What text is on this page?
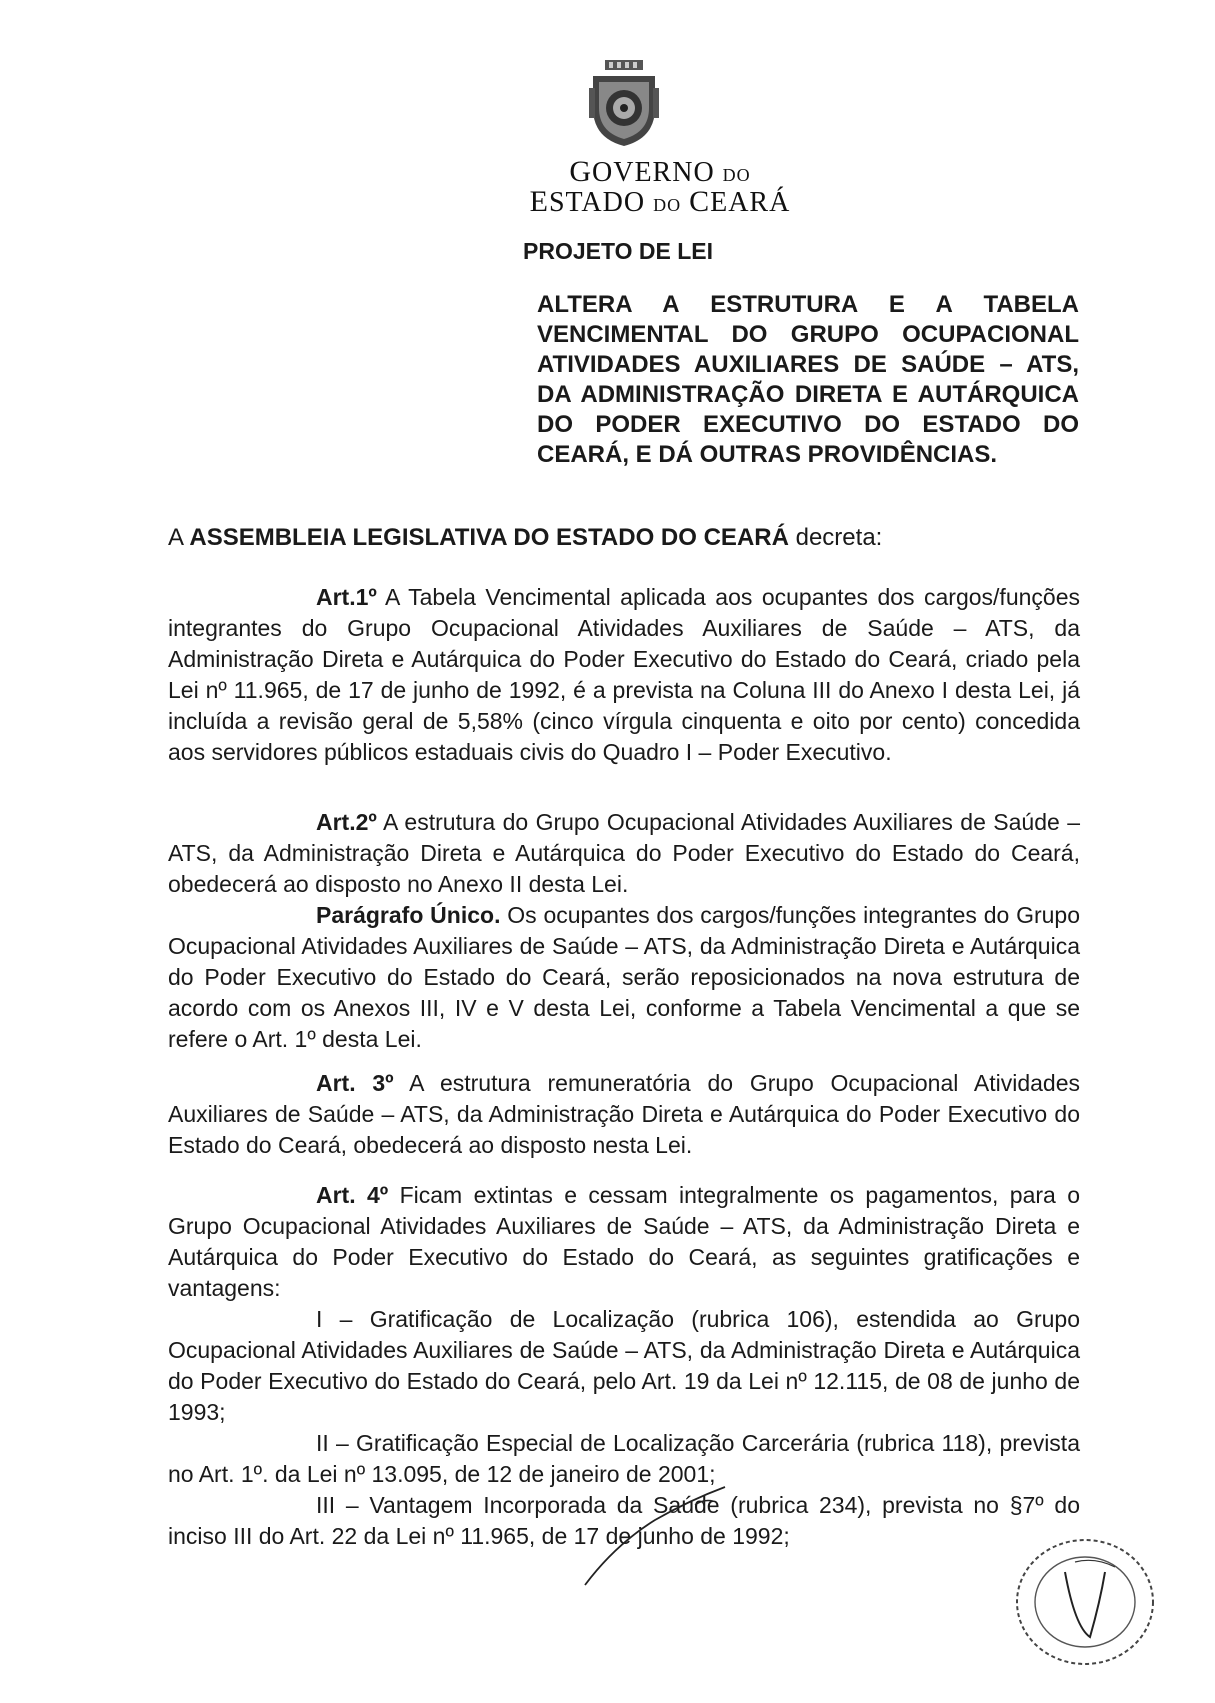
GOVERNO DO
ESTADO DO CEARÁ
PROJETO DE LEI
ALTERA A ESTRUTURA E A TABELA VENCIMENTAL DO GRUPO OCUPACIONAL ATIVIDADES AUXILIARES DE SAÚDE – ATS, DA ADMINISTRAÇÃO DIRETA E AUTÁRQUICA DO PODER EXECUTIVO DO ESTADO DO CEARÁ, E DÁ OUTRAS PROVIDÊNCIAS.
A ASSEMBLEIA LEGISLATIVA DO ESTADO DO CEARÁ decreta:

Art.1º A Tabela Vencimental aplicada aos ocupantes dos cargos/funções integrantes do Grupo Ocupacional Atividades Auxiliares de Saúde – ATS, da Administração Direta e Autárquica do Poder Executivo do Estado do Ceará, criado pela Lei nº 11.965, de 17 de junho de 1992, é a prevista na Coluna III do Anexo I desta Lei, já incluída a revisão geral de 5,58% (cinco vírgula cinquenta e oito por cento) concedida aos servidores públicos estaduais civis do Quadro I – Poder Executivo.

Art.2º A estrutura do Grupo Ocupacional Atividades Auxiliares de Saúde – ATS, da Administração Direta e Autárquica do Poder Executivo do Estado do Ceará, obedecerá ao disposto no Anexo II desta Lei.

Parágrafo Único. Os ocupantes dos cargos/funções integrantes do Grupo Ocupacional Atividades Auxiliares de Saúde – ATS, da Administração Direta e Autárquica do Poder Executivo do Estado do Ceará, serão reposicionados na nova estrutura de acordo com os Anexos III, IV e V desta Lei, conforme a Tabela Vencimental a que se refere o Art. 1º desta Lei.

Art. 3º A estrutura remuneratória do Grupo Ocupacional Atividades Auxiliares de Saúde – ATS, da Administração Direta e Autárquica do Poder Executivo do Estado do Ceará, obedecerá ao disposto nesta Lei.

Art. 4º Ficam extintas e cessam integralmente os pagamentos, para o Grupo Ocupacional Atividades Auxiliares de Saúde – ATS, da Administração Direta e Autárquica do Poder Executivo do Estado do Ceará, as seguintes gratificações e vantagens:

I – Gratificação de Localização (rubrica 106), estendida ao Grupo Ocupacional Atividades Auxiliares de Saúde – ATS, da Administração Direta e Autárquica do Poder Executivo do Estado do Ceará, pelo Art. 19 da Lei nº 12.115, de 08 de junho de 1993;

II – Gratificação Especial de Localização Carcerária (rubrica 118), prevista no Art. 1º. da Lei nº 13.095, de 12 de janeiro de 2001;

III – Vantagem Incorporada da Saúde (rubrica 234), prevista no §7º do inciso III do Art. 22 da Lei nº 11.965, de 17 de junho de 1992;
